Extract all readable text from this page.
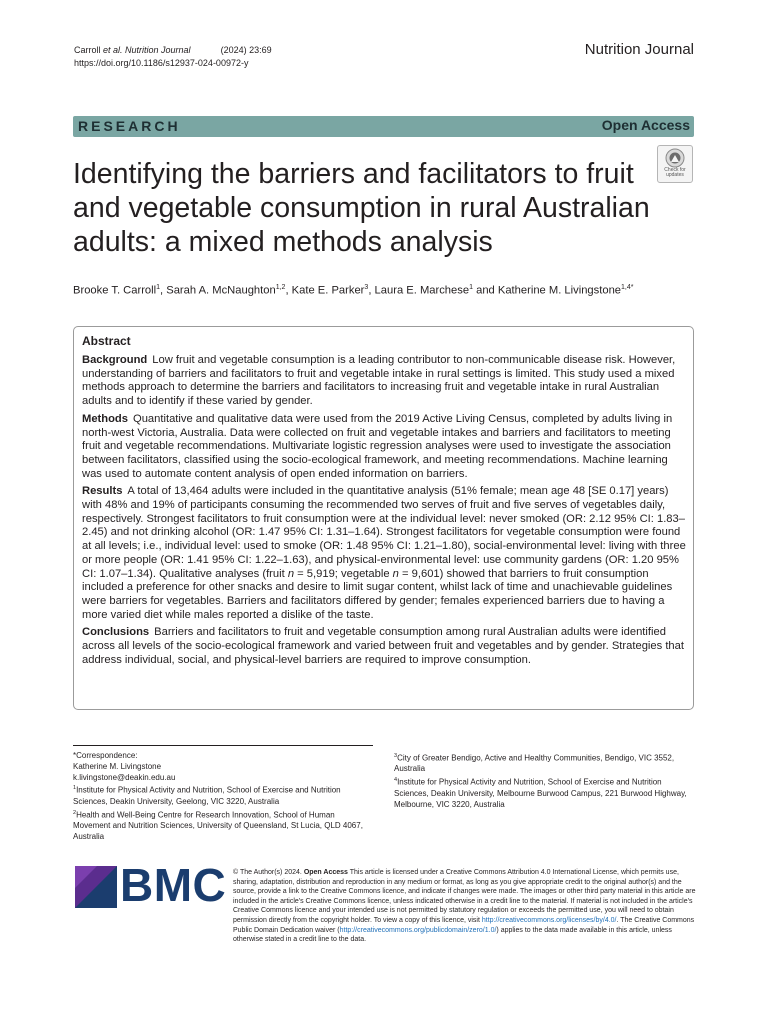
Carroll et al. Nutrition Journal	(2024) 23:69
https://doi.org/10.1186/s12937-024-00972-y
Nutrition Journal
RESEARCH	Open Access
Check for
updates
Identifying the barriers and facilitators to fruit and vegetable consumption in rural Australian adults: a mixed methods analysis
Brooke T. Carroll$^1$, Sarah A. McNaughton$^{1,2}$, Kate E. Parker$^3$, Laura E. Marchese$^1$ and Katherine M. Livingstone$^{1,4*}$
Abstract

Background Low fruit and vegetable consumption is a leading contributor to non-communicable disease risk. However, understanding of barriers and facilitators to fruit and vegetable intake in rural settings is limited. This study used a mixed methods approach to determine the barriers and facilitators to increasing fruit and vegetable intake in rural Australian adults and to identify if these varied by gender.

Methods Quantitative and qualitative data were used from the 2019 Active Living Census, completed by adults living in north-west Victoria, Australia. Data were collected on fruit and vegetable intakes and barriers and facilitators to meeting fruit and vegetable recommendations. Multivariate logistic regression analyses were used to investigate the association between facilitators, classified using the socio-ecological framework, and meeting recommendations. Machine learning was used to automate content analysis of open ended information on barriers.

Results A total of 13,464 adults were included in the quantitative analysis (51% female; mean age 48 [SE 0.17] years) with 48% and 19% of participants consuming the recommended two serves of fruit and five serves of vegetables daily, respectively. Strongest facilitators to fruit consumption were at the individual level: never smoked (OR: 2.12 95% CI: 1.83–2.45) and not drinking alcohol (OR: 1.47 95% CI: 1.31–1.64). Strongest facilitators for vegetable consumption were found at all levels; i.e., individual level: used to smoke (OR: 1.48 95% CI: 1.21–1.80), social-environmental level: living with three or more people (OR: 1.41 95% CI: 1.22–1.63), and physical-environmental level: use community gardens (OR: 1.20 95% CI: 1.07–1.34). Qualitative analyses (fruit n = 5,919; vegetable n = 9,601) showed that barriers to fruit consumption included a preference for other snacks and desire to limit sugar content, whilst lack of time and unachievable guidelines were barriers for vegetables. Barriers and facilitators differed by gender; females experienced barriers due to having a more varied diet while males reported a dislike of the taste.

Conclusions Barriers and facilitators to fruit and vegetable consumption among rural Australian adults were identified across all levels of the socio-ecological framework and varied between fruit and vegetables and by gender. Strategies that address individual, social, and physical-level barriers are required to improve consumption.

*Correspondence:
Katherine M. Livingstone
k.livingstone@deakin.edu.au
$^1$Institute for Physical Activity and Nutrition, School of Exercise and Nutrition Sciences, Deakin University, Geelong, VIC 3220, Australia
$^2$Health and Well-Being Centre for Research Innovation, School of Human Movement and Nutrition Sciences, University of Queensland, St Lucia, QLD 4067, Australia
$^3$City of Greater Bendigo, Active and Healthy Communities, Bendigo, VIC 3552, Australia
$^4$Institute for Physical Activity and Nutrition, School of Exercise and Nutrition Sciences, Deakin University, Melbourne Burwood Campus, 221 Burwood Highway, Melbourne, VIC 3220, Australia
BMC © The Author(s) 2024. Open Access This article is licensed under a Creative Commons Attribution 4.0 International License, which permits use, sharing, adaptation, distribution and reproduction in any medium or format, as long as you give appropriate credit to the original author(s) and the source, provide a link to the Creative Commons licence, and indicate if changes were made. The images or other third party material in this article are included in the article's Creative Commons licence, unless indicated otherwise in a credit line to the material. If material is not included in the article's Creative Commons licence and your intended use is not permitted by statutory regulation or exceeds the permitted use, you will need to obtain permission directly from the copyright holder. To view a copy of this licence, visit http://creativecommons.org/licenses/by/4.0/. The Creative Commons Public Domain Dedication waiver (http://creativecommons.org/publicdomain/zero/1.0/) applies to the data made available in this article, unless otherwise stated in a credit line to the data.
